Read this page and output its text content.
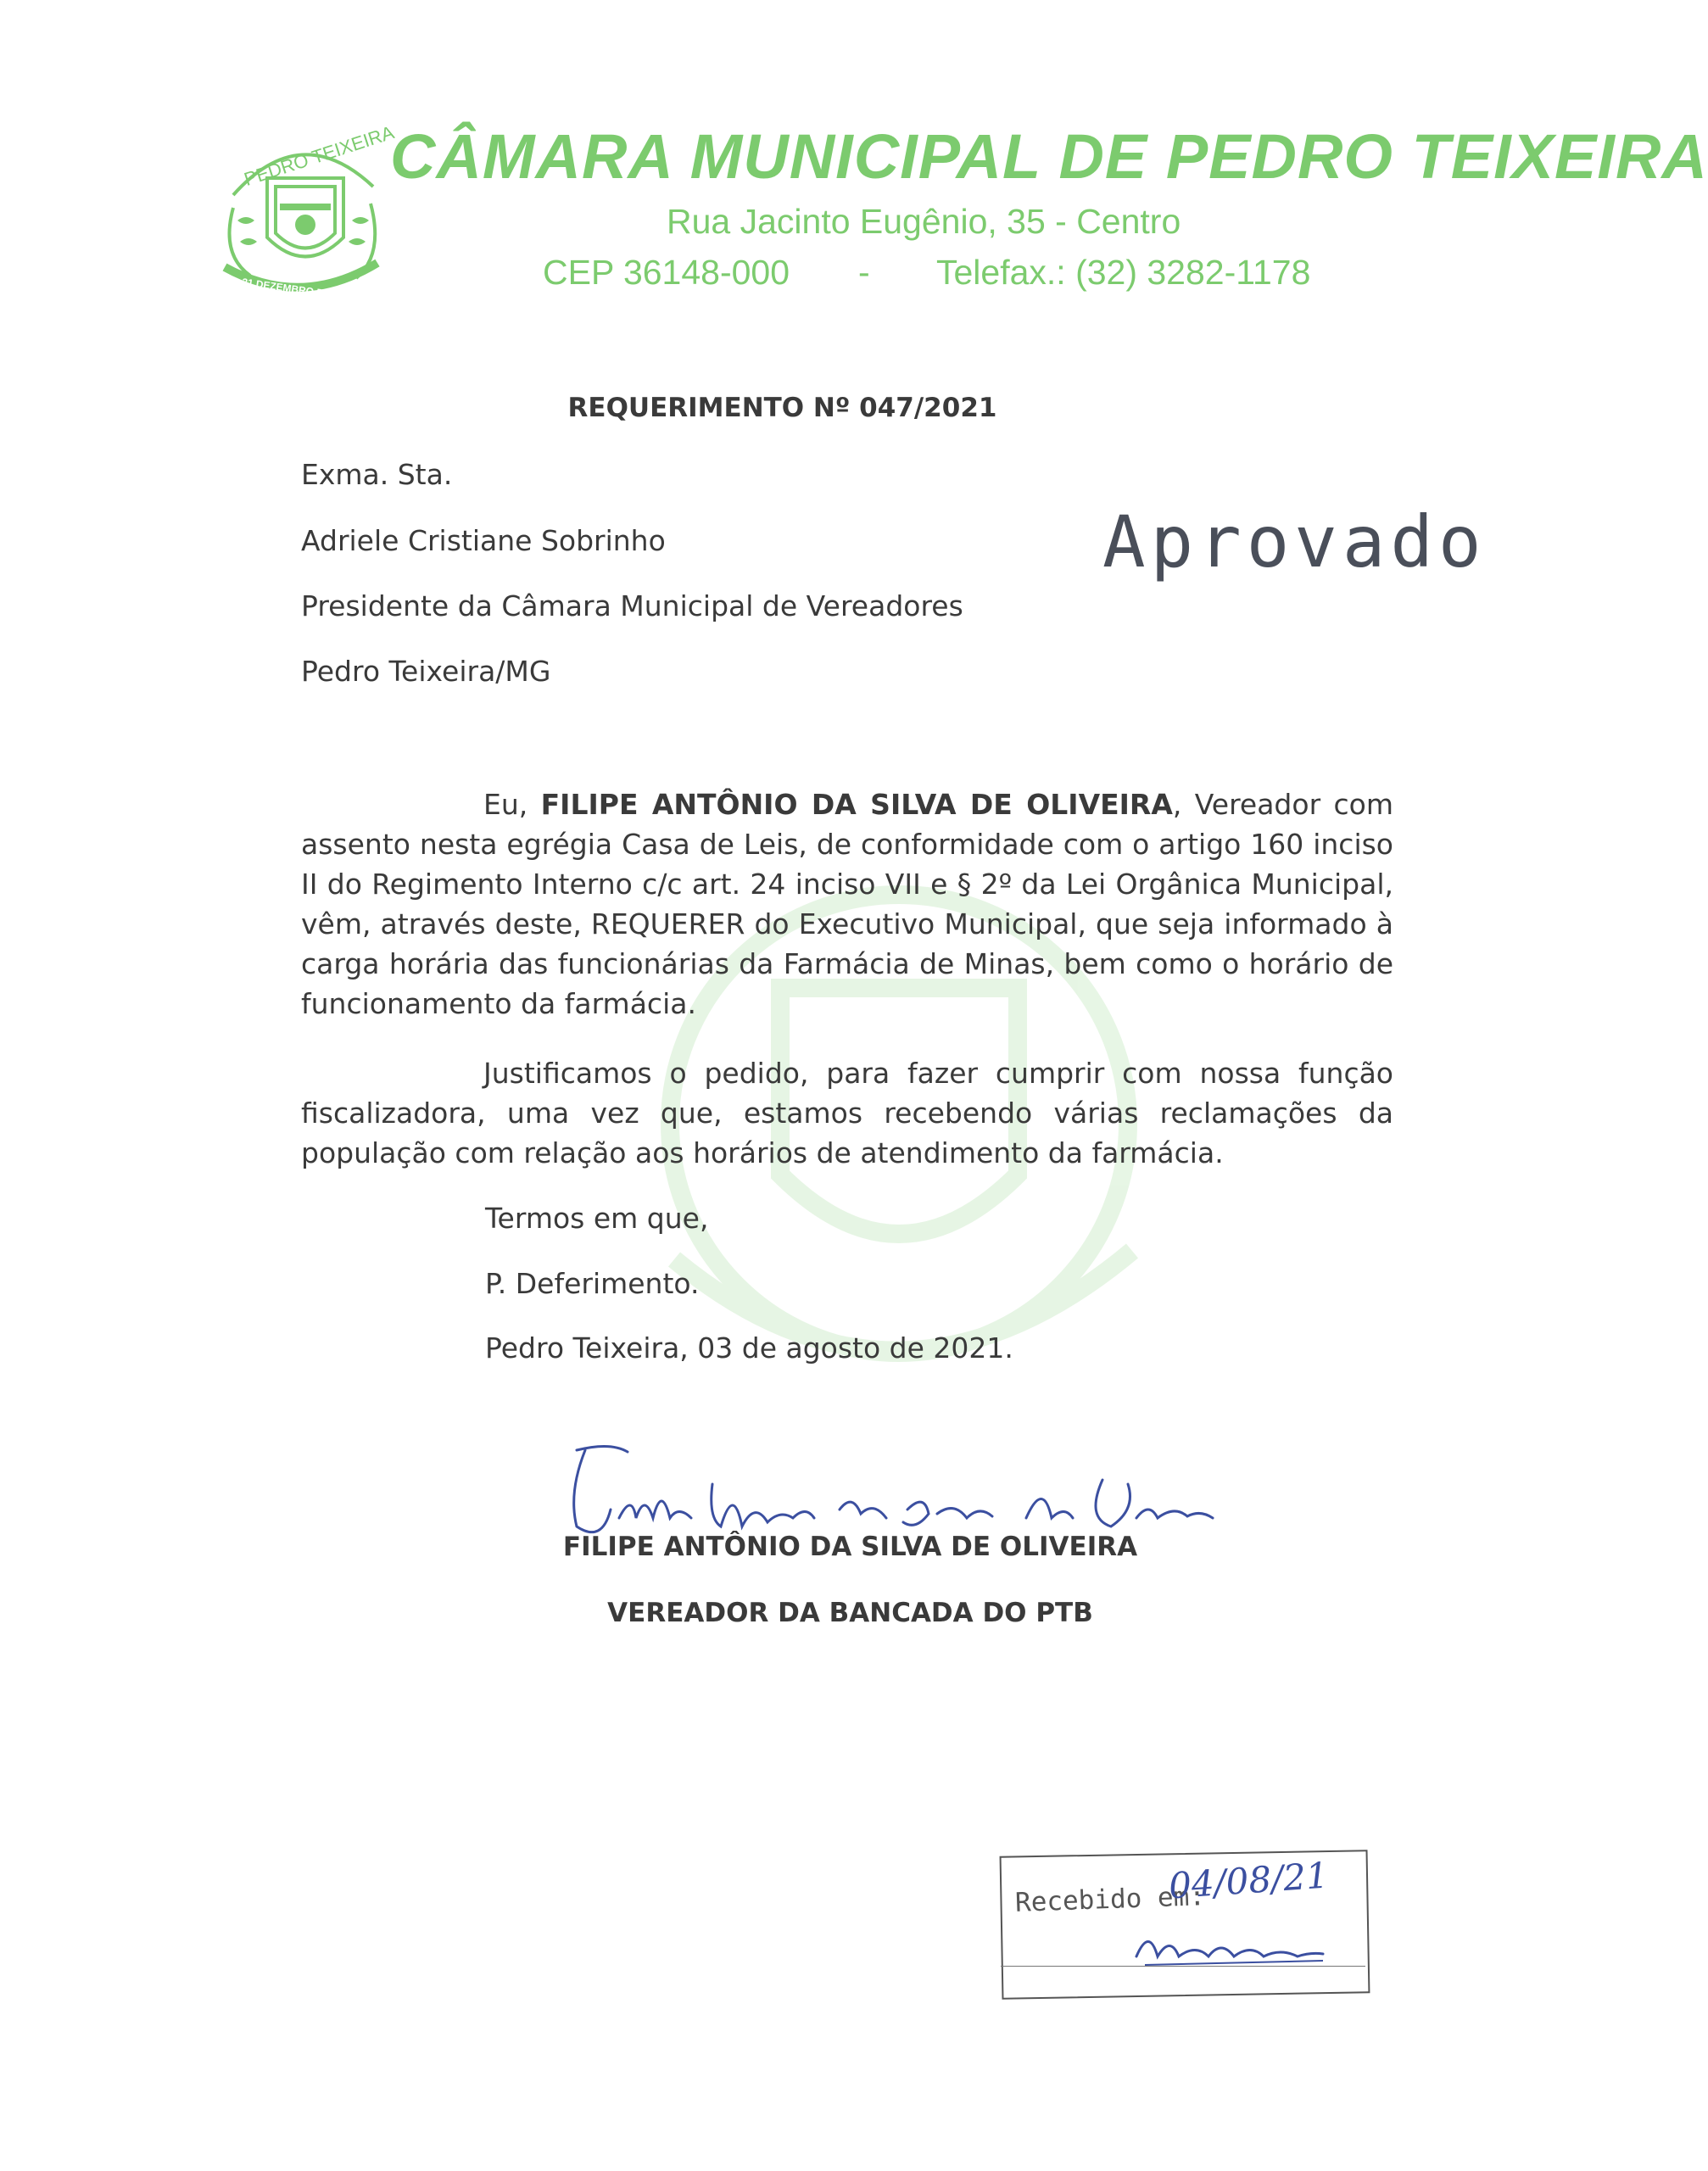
PEDRO TEIXEIRA
31 DEZEMBRO DE 1962
CÂMARA MUNICIPAL DE PEDRO TEIXEIRA
Rua Jacinto Eugênio, 35 - Centro
CEP 36148-000 - Telefax.: (32) 3282-1178
Aprovado
REQUERIMENTO Nº 047/2021
Exma. Sta.
Adriele Cristiane Sobrinho
Presidente da Câmara Municipal de Vereadores
Pedro Teixeira/MG
Eu, FILIPE ANTÔNIO DA SILVA DE OLIVEIRA, Vereador com assento nesta egrégia Casa de Leis, de conformidade com o artigo 160 inciso II do Regimento Interno c/c art. 24 inciso VII e § 2º da Lei Orgânica Municipal, vêm, através deste, REQUERER do Executivo Municipal, que seja informado à carga horária das funcionárias da Farmácia de Minas, bem como o horário de funcionamento da farmácia.
Justificamos o pedido, para fazer cumprir com nossa função fiscalizadora, uma vez que, estamos recebendo várias reclamações da população com relação aos horários de atendimento da farmácia.
Termos em que,
P. Deferimento.
Pedro Teixeira, 03 de agosto de 2021.
FILIPE ANTÔNIO DA SILVA DE OLIVEIRA
VEREADOR DA BANCADA DO PTB
Recebido em:
04/08/21
